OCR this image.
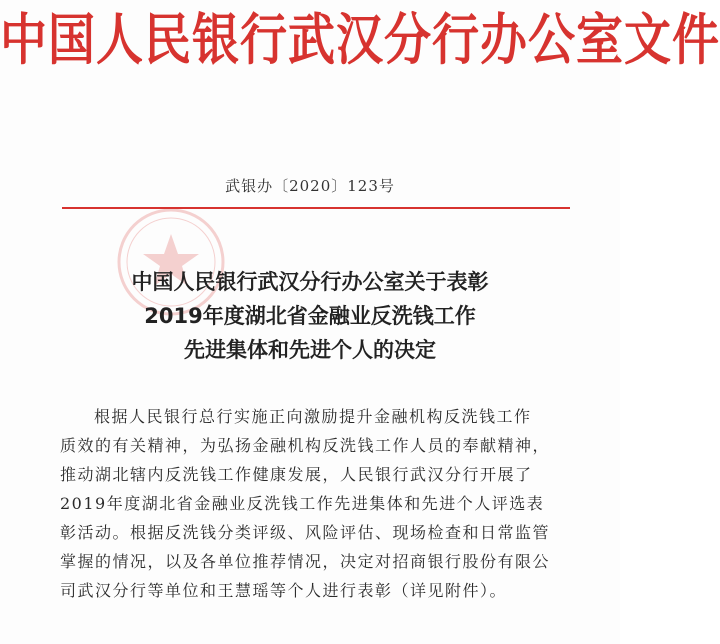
中国人民银行武汉分行办公室文件
武银办〔2020〕123号
中国人民银行武汉分行办公室关于表彰
2019年度湖北省金融业反洗钱工作
先进集体和先进个人的决定
根据人民银行总行实施正向激励提升金融机构反洗钱工作
质效的有关精神，为弘扬金融机构反洗钱工作人员的奉献精神，
推动湖北辖内反洗钱工作健康发展，人民银行武汉分行开展了
2019年度湖北省金融业反洗钱工作先进集体和先进个人评选表
彰活动。根据反洗钱分类评级、风险评估、现场检查和日常监管
掌握的情况，以及各单位推荐情况，决定对招商银行股份有限公
司武汉分行等单位和王慧瑶等个人进行表彰（详见附件）。
